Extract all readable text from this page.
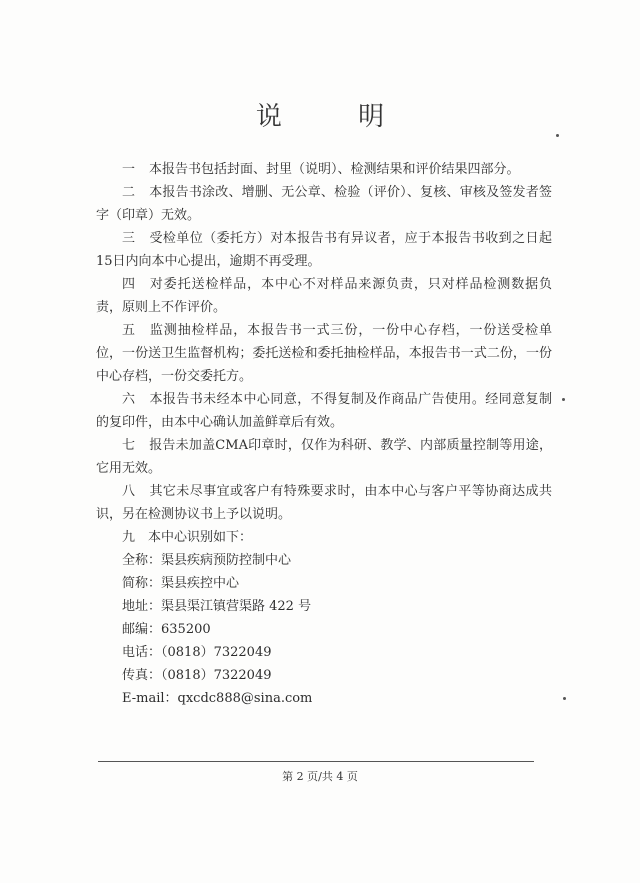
说 明

一 本报告书包括封面、封里（说明）、检测结果和评价结果四部分。

二 本报告书涂改、增删、无公章、检验（评价）、复核、审核及签发者签字（印章）无效。

三 受检单位（委托方）对本报告书有异议者，应于本报告书收到之日起15日内向本中心提出，逾期不再受理。

四 对委托送检样品，本中心不对样品来源负责，只对样品检测数据负责，原则上不作评价。

五 监测抽检样品，本报告书一式三份，一份中心存档，一份送受检单位，一份送卫生监督机构；委托送检和委托抽检样品，本报告书一式二份，一份中心存档，一份交委托方。

六 本报告书未经本中心同意，不得复制及作商品广告使用。经同意复制的复印件，由本中心确认加盖鲜章后有效。

七 报告未加盖CMA印章时，仅作为科研、教学、内部质量控制等用途，它用无效。

八 其它未尽事宜或客户有特殊要求时，由本中心与客户平等协商达成共识，另在检测协议书上予以说明。

九　本中心识别如下：

全称：渠县疾病预防控制中心

简称：渠县疾控中心

地址：渠县渠江镇营渠路 422 号

邮编：635200

电话：（0818）7322049

传真：（0818）7322049

E-mail：qxcdc888@sina.com

第 2 页/共 4 页
